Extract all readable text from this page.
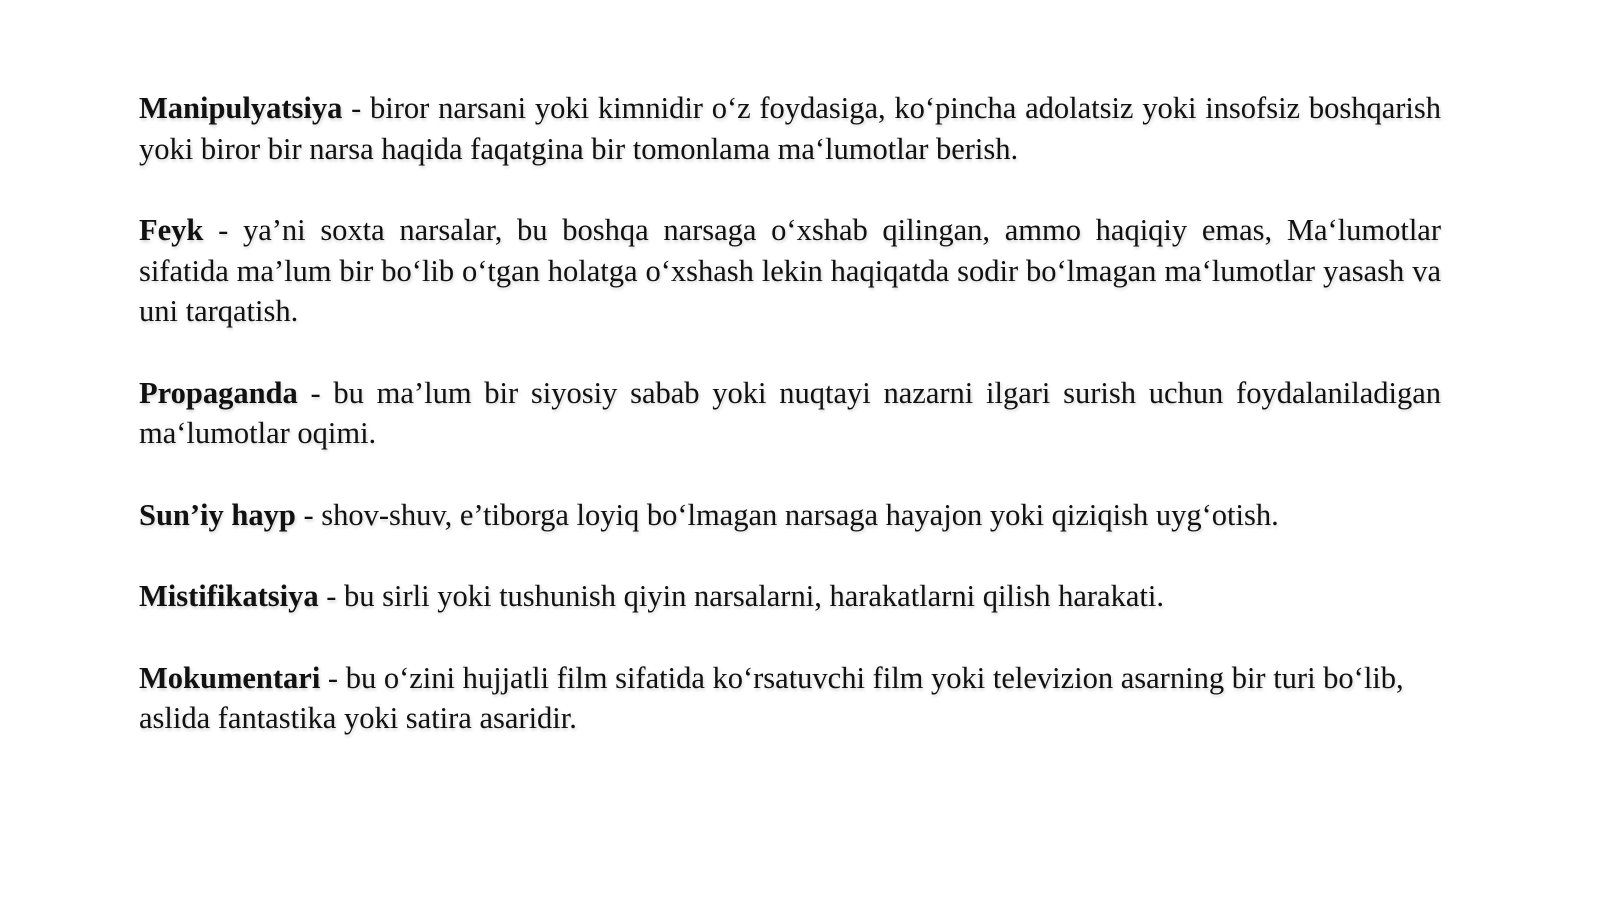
Manipulyatsiya - biror narsani yoki kimnidir o‘z foydasiga, ko‘pincha adolatsiz yoki insofsiz boshqarish yoki biror bir narsa haqida faqatgina bir tomonlama ma‘lumotlar berish.

Feyk - ya’ni soxta narsalar, bu boshqa narsaga o‘xshab qilingan, ammo haqiqiy emas, Ma‘lumotlar sifatida ma’lum bir bo‘lib o‘tgan holatga o‘xshash lekin haqiqatda sodir bo‘lmagan ma‘lumotlar yasash va uni tarqatish.

Propaganda - bu ma’lum bir siyosiy sabab yoki nuqtayi nazarni ilgari surish uchun foydalaniladigan ma‘lumotlar oqimi.

Sun’iy hayp - shov-shuv, e’tiborga loyiq bo‘lmagan narsaga hayajon yoki qiziqish uyg‘otish.

Mistifikatsiya - bu sirli yoki tushunish qiyin narsalarni, harakatlarni qilish harakati.

Mokumentari - bu o‘zini hujjatli film sifatida ko‘rsatuvchi film yoki televizion asarning bir turi bo‘lib, aslida fantastika yoki satira asaridir.
